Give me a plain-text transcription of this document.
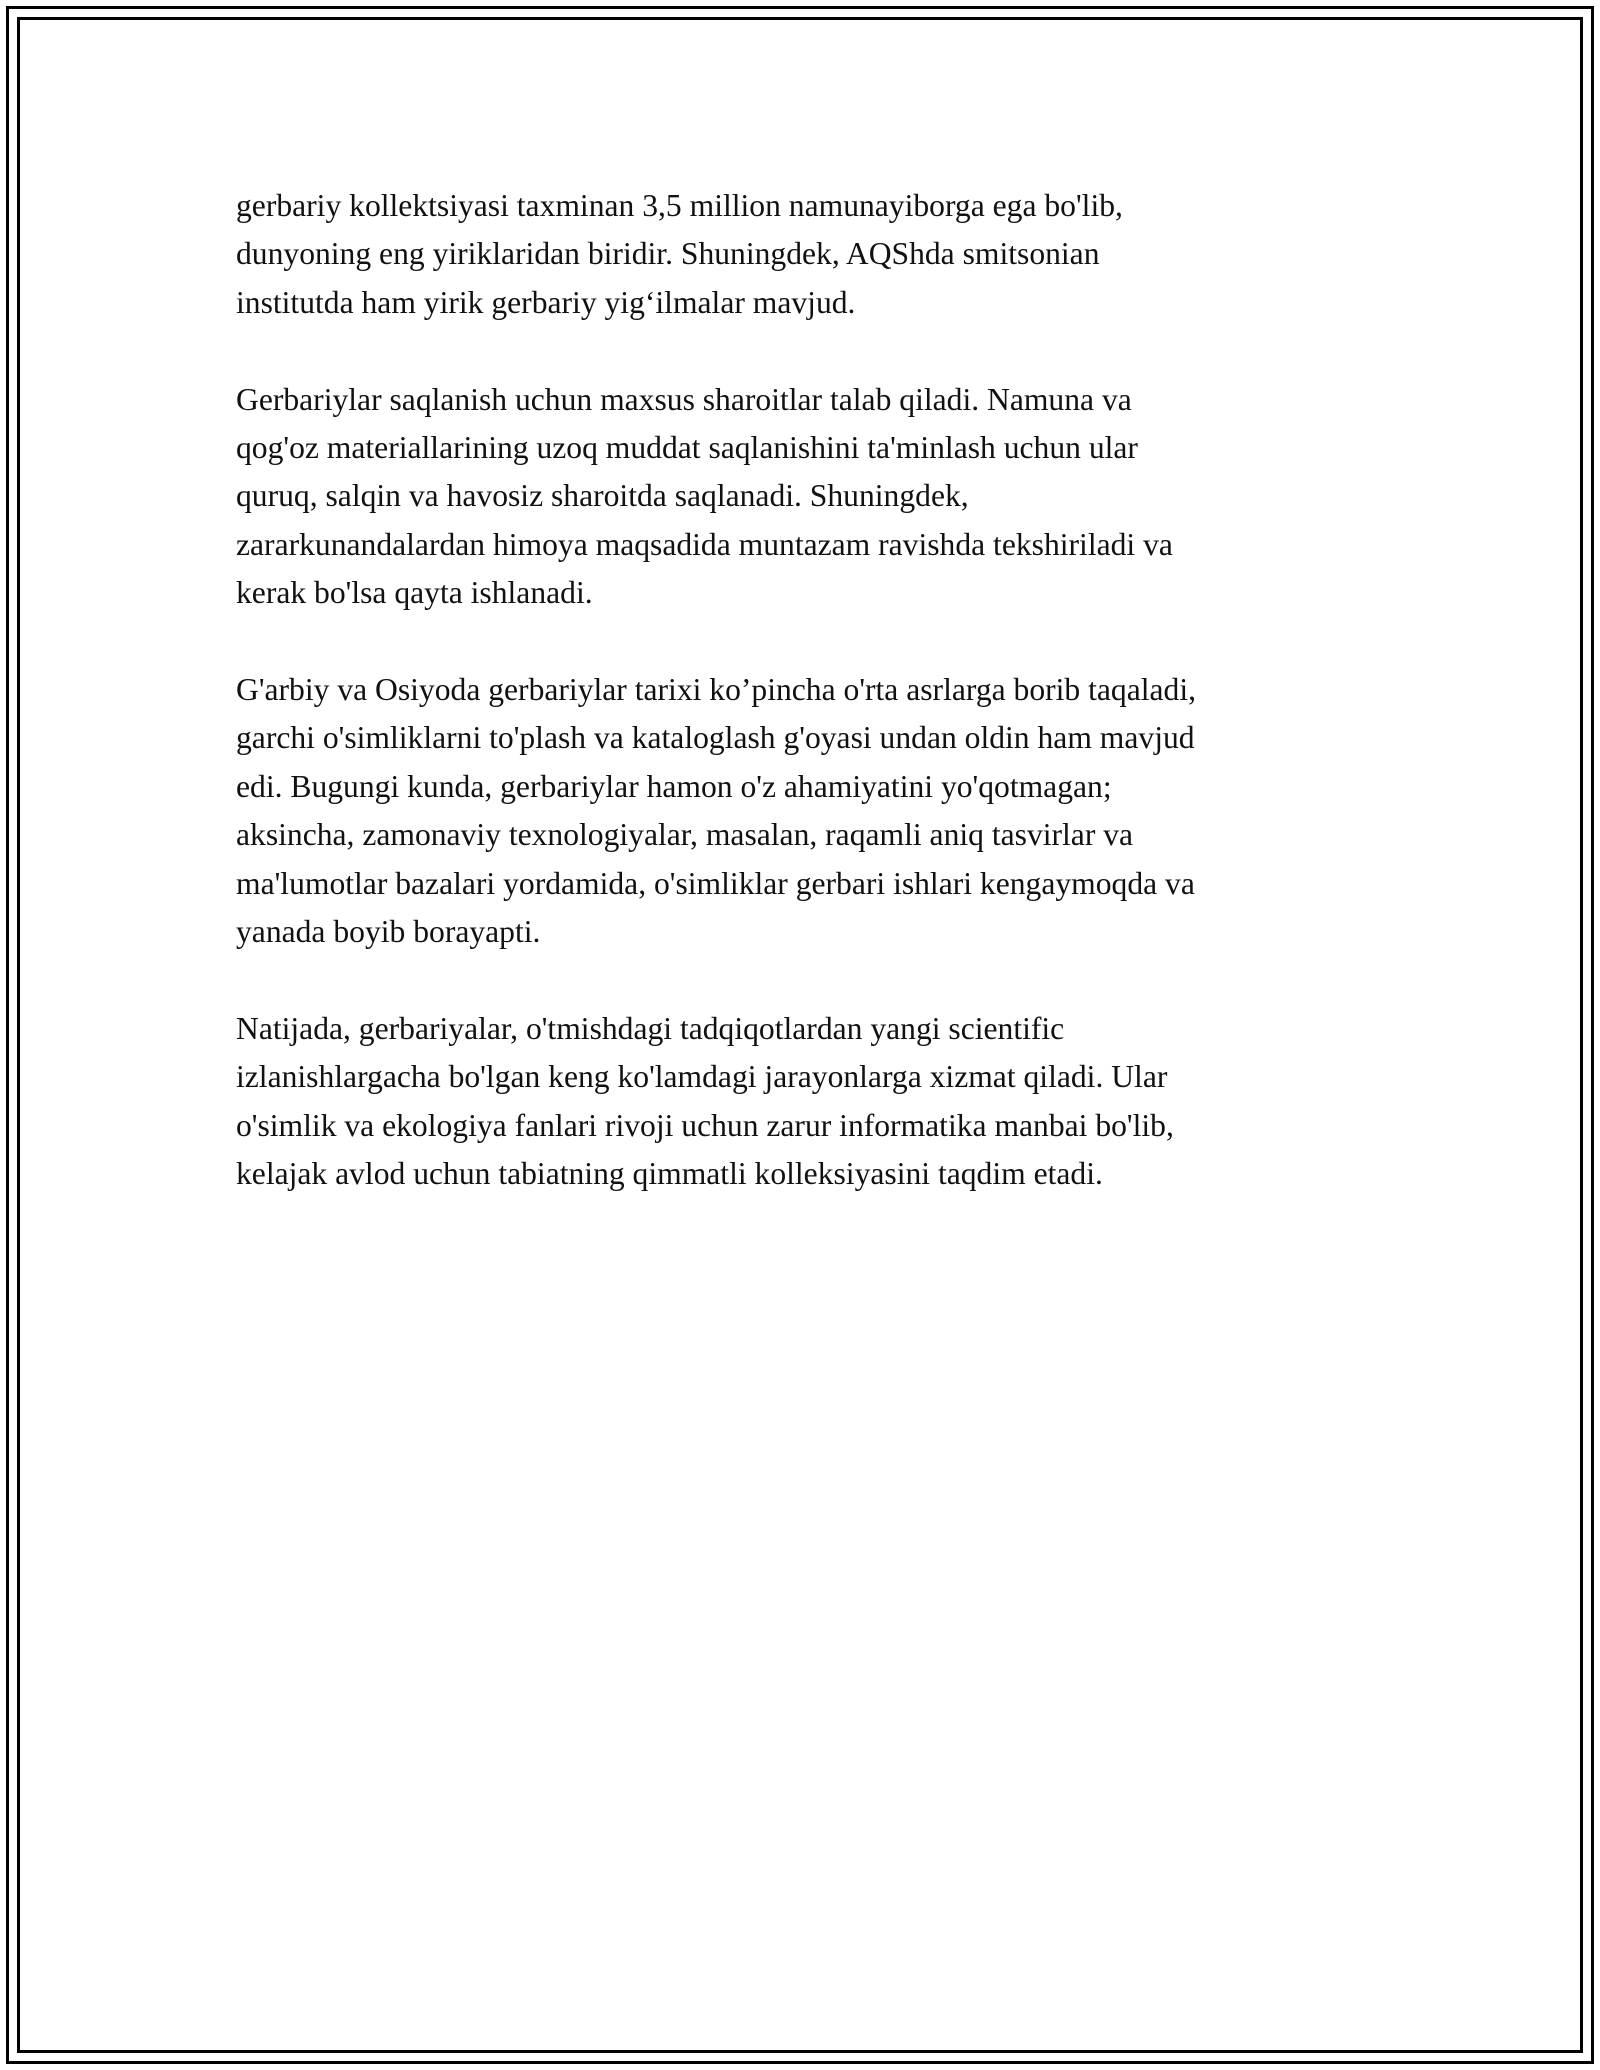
gerbariy kollektsiyasi taxminan 3,5 million namunayiborga ega bo'lib,
dunyoning eng yiriklaridan biridir. Shuningdek, AQShda smitsonian
institutda ham yirik gerbariy yig‘ilmalar mavjud.

Gerbariylar saqlanish uchun maxsus sharoitlar talab qiladi. Namuna va
qog'oz materiallarining uzoq muddat saqlanishini ta'minlash uchun ular
quruq, salqin va havosiz sharoitda saqlanadi. Shuningdek,
zararkunandalardan himoya maqsadida muntazam ravishda tekshiriladi va
kerak bo'lsa qayta ishlanadi.

G'arbiy va Osiyoda gerbariylar tarixi ko’pincha o'rta asrlarga borib taqaladi,
garchi o'simliklarni to'plash va kataloglash g'oyasi undan oldin ham mavjud
edi. Bugungi kunda, gerbariylar hamon o'z ahamiyatini yo'qotmagan;
aksincha, zamonaviy texnologiyalar, masalan, raqamli aniq tasvirlar va
ma'lumotlar bazalari yordamida, o'simliklar gerbari ishlari kengaymoqda va
yanada boyib borayapti.

Natijada, gerbariyalar, o'tmishdagi tadqiqotlardan yangi scientific
izlanishlargacha bo'lgan keng ko'lamdagi jarayonlarga xizmat qiladi. Ular
o'simlik va ekologiya fanlari rivoji uchun zarur informatika manbai bo'lib,
kelajak avlod uchun tabiatning qimmatli kolleksiyasini taqdim etadi.
